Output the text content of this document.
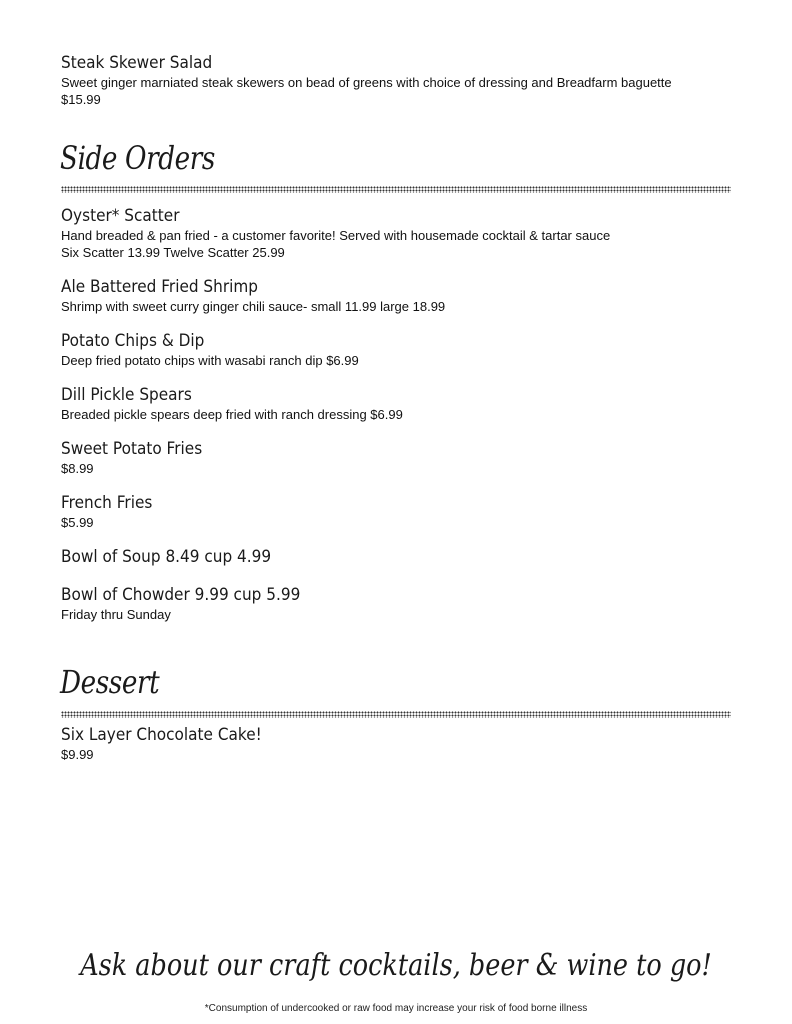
Steak Skewer Salad
Sweet ginger marniated steak skewers on bead of greens with choice of dressing and Breadfarm baguette $15.99
Side Orders
Oyster* Scatter
Hand breaded & pan fried - a customer favorite! Served with housemade cocktail & tartar sauce
Six Scatter 13.99 Twelve Scatter 25.99
Ale Battered Fried Shrimp
Shrimp with sweet curry ginger chili sauce- small 11.99 large 18.99
Potato Chips & Dip
Deep fried potato chips with wasabi ranch dip $6.99
Dill Pickle Spears
Breaded pickle spears deep fried with ranch dressing $6.99
Sweet Potato Fries
$8.99
French Fries
$5.99
Bowl of Soup 8.49 cup 4.99
Bowl of Chowder 9.99 cup 5.99
Friday thru Sunday
Dessert
Six Layer Chocolate Cake!
$9.99
Ask about our craft cocktails, beer & wine to go!
*Consumption of undercooked or raw food may increase your risk of food borne illness
